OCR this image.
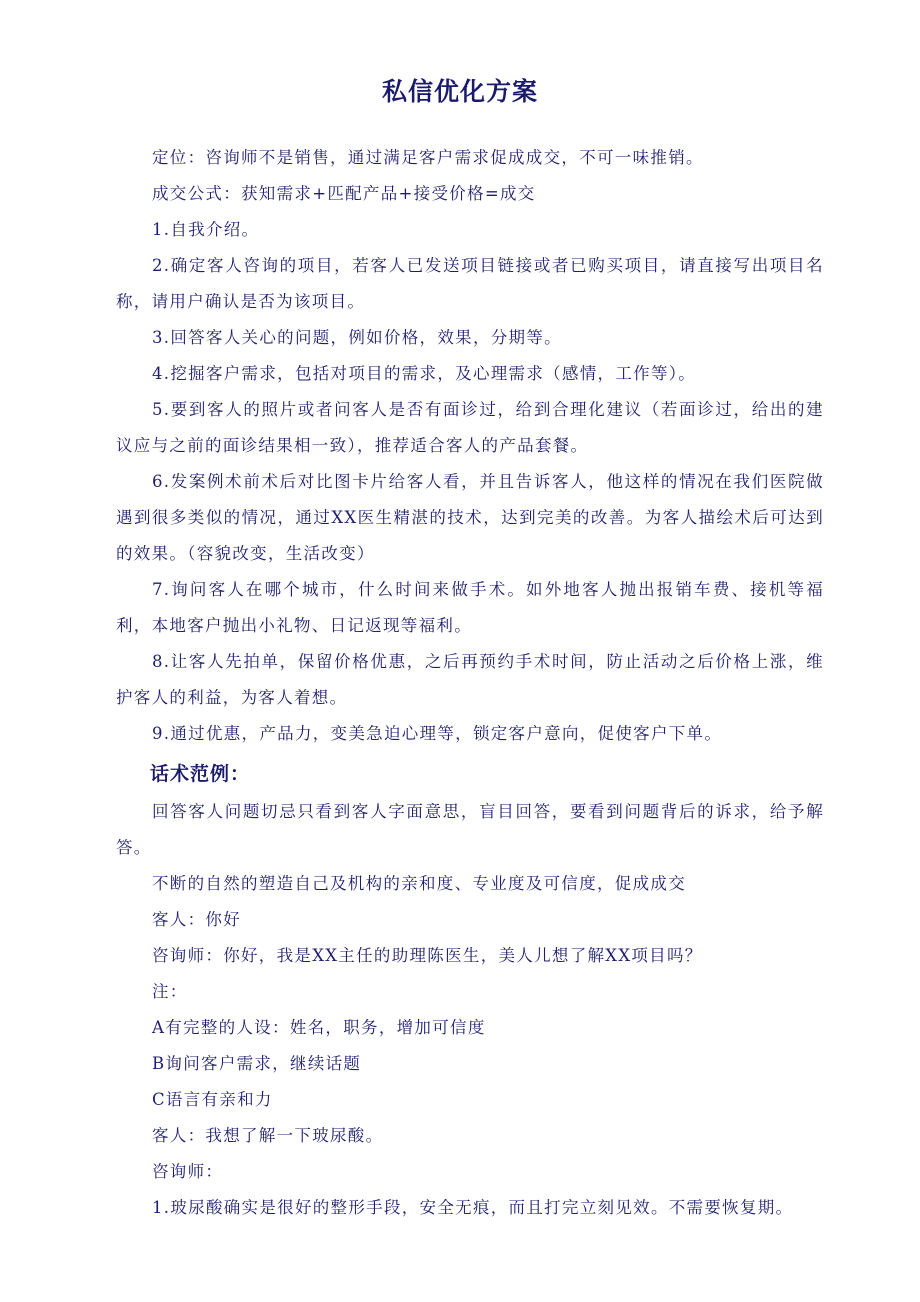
私信优化方案

定位：咨询师不是销售，通过满足客户需求促成成交，不可一味推销。

成交公式：获知需求+匹配产品+接受价格=成交

1.自我介绍。

2.确定客人咨询的项目，若客人已发送项目链接或者已购买项目，请直接写出项目名称，请用户确认是否为该项目。

3.回答客人关心的问题，例如价格，效果，分期等。

4.挖掘客户需求，包括对项目的需求，及心理需求（感情，工作等）。

5.要到客人的照片或者问客人是否有面诊过，给到合理化建议（若面诊过，给出的建议应与之前的面诊结果相一致），推荐适合客人的产品套餐。

6.发案例术前术后对比图卡片给客人看，并且告诉客人，他这样的情况在我们医院做遇到很多类似的情况，通过XX医生精湛的技术，达到完美的改善。为客人描绘术后可达到的效果。（容貌改变，生活改变）

7.询问客人在哪个城市，什么时间来做手术。如外地客人抛出报销车费、接机等福利，本地客户抛出小礼物、日记返现等福利。

8.让客人先拍单，保留价格优惠，之后再预约手术时间，防止活动之后价格上涨，维护客人的利益，为客人着想。

9.通过优惠，产品力，变美急迫心理等，锁定客户意向，促使客户下单。

话术范例：

回答客人问题切忌只看到客人字面意思，盲目回答，要看到问题背后的诉求，给予解答。

不断的自然的塑造自己及机构的亲和度、专业度及可信度，促成成交

客人：你好

咨询师：你好，我是XX主任的助理陈医生，美人儿想了解XX项目吗？

注：

A有完整的人设：姓名，职务，增加可信度

B询问客户需求，继续话题

C语言有亲和力

客人：我想了解一下玻尿酸。

咨询师：

1.玻尿酸确实是很好的整形手段，安全无痕，而且打完立刻见效。不需要恢复期。
